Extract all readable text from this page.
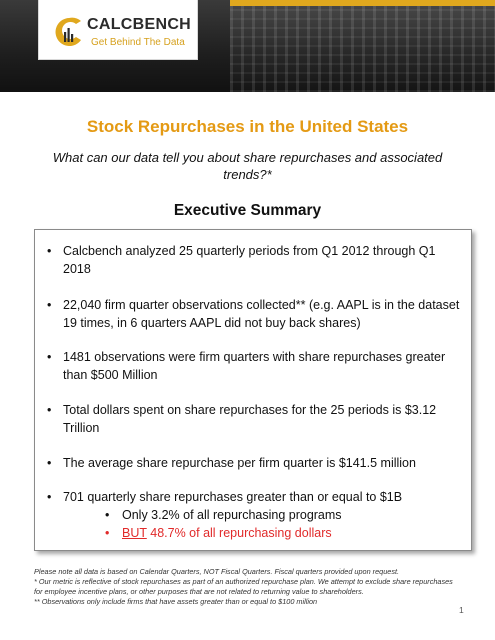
CALCBENCH
Get Behind The Data
Stock Repurchases in the United States
What can our data tell you about share repurchases and associated trends?*
Executive Summary
• Calcbench analyzed 25 quarterly periods from Q1 2012 through Q1 2018
• 22,040 firm quarter observations collected** (e.g. AAPL is in the dataset 19 times, in 6 quarters AAPL did not buy back shares)
• 1481 observations were firm quarters with share repurchases greater than $500 Million
• Total dollars spent on share repurchases for the 25 periods is $3.12 Trillion
• The average share repurchase per firm quarter is $141.5 million
• 701 quarterly share repurchases greater than or equal to $1B
• Only 3.2% of all repurchasing programs
• BUT 48.7% of all repurchasing dollars
Please note all data is based on Calendar Quarters, NOT Fiscal Quarters. Fiscal quarters provided upon request.
* Our metric is reflective of stock repurchases as part of an authorized repurchase plan. We attempt to exclude share repurchases for employee incentive plans, or other purposes that are not related to returning value to shareholders.
** Observations only include firms that have assets greater than or equal to $100 million
1
